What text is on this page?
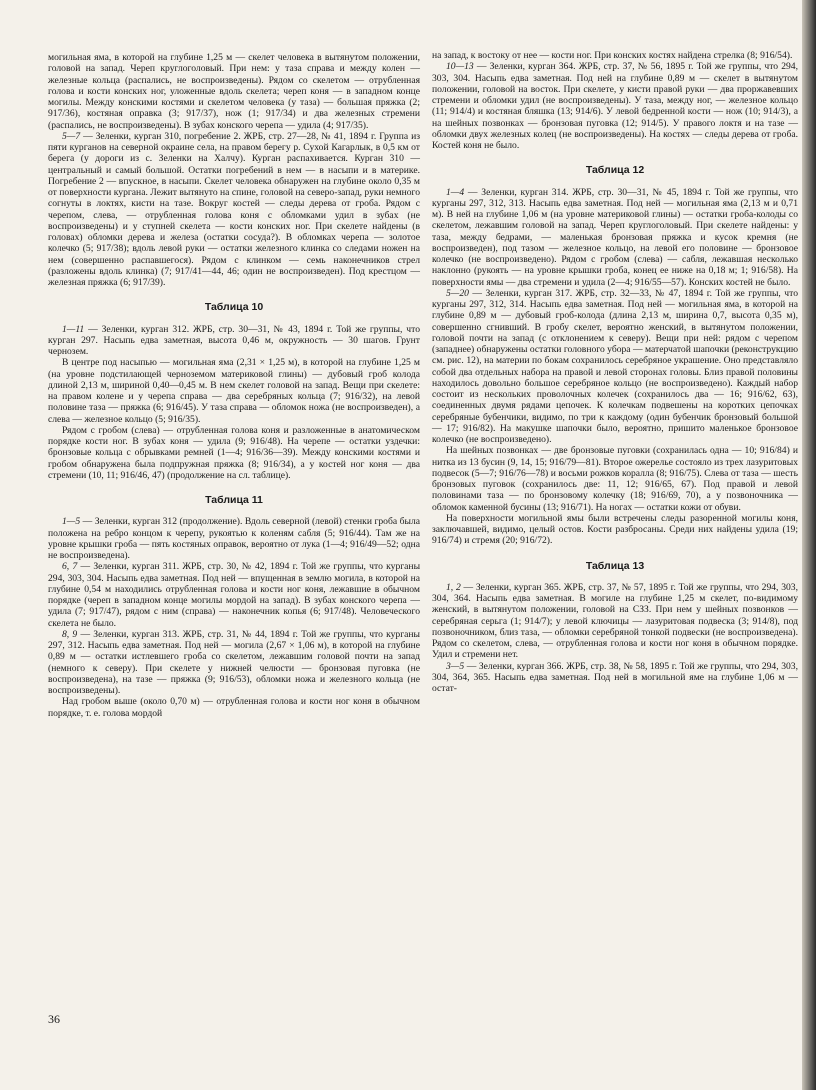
могильная яма, в которой на глубине 1,25 м — скелет человека в вытянутом положении, головой на запад. Череп круглоголовый. При нем: у таза справа и между колен — железные кольца (распались, не воспроизведены). Рядом со скелетом — отрубленная голова и кости конских ног, уложенные вдоль скелета; череп коня — в западном конце могилы. Между конскими костями и скелетом человека (у таза) — большая пряжка (2; 917/36), костяная оправка (3; 917/37), нож (1; 917/34) и два железных стремени (распались, не воспроизведены). В зубах конского черепа — удила (4; 917/35).

5—7 — Зеленки, курган 310, погребение 2. ЖРБ, стр. 27—28, № 41, 1894 г. Группа из пяти курганов на северной окраине села, на правом берегу р. Сухой Кагарлык, в 0,5 км от берега (у дороги из с. Зеленки на Халчу). Курган распахивается. Курган 310 — центральный и самый большой. Остатки погребений в нем — в насыпи и в материке. Погребение 2 — впускное, в насыпи. Скелет человека обнаружен на глубине около 0,35 м от поверхности кургана. Лежит вытянуто на спине, головой на северо-запад, руки немного согнуты в локтях, кисти на тазе. Вокруг костей — следы дерева от гроба. Рядом с черепом, слева, — отрубленная голова коня с обломками удил в зубах (не воспроизведены) и у ступней скелета — кости конских ног. При скелете найдены (в головах) обломки дерева и железа (остатки сосуда?). В обломках черепа — золотое колечко (5; 917/38); вдоль левой руки — остатки железного клинка со следами ножен на нем (совершенно распавшегося). Рядом с клинком — семь наконечников стрел (разложены вдоль клинка) (7; 917/41—44, 46; один не воспроизведен). Под крестцом — железная пряжка (6; 917/39).

Таблица 10

1—11 — Зеленки, курган 312. ЖРБ, стр. 30—31, № 43, 1894 г. Той же группы, что курган 297. Насыпь едва заметная, высота 0,46 м, окружность — 30 шагов. Грунт чернозем.

В центре под насыпью — могильная яма (2,31 × 1,25 м), в которой на глубине 1,25 м (на уровне подстилающей черноземом материковой глины) — дубовый гроб колода длиной 2,13 м, шириной 0,40—0,45 м. В нем скелет головой на запад. Вещи при скелете: на правом колене и у черепа справа — два серебряных кольца (7; 916/32), на левой половине таза — пряжка (6; 916/45). У таза справа — обломок ножа (не воспроизведен), а слева — железное кольцо (5; 916/35).

Рядом с гробом (слева) — отрубленная голова коня и разложенные в анатомическом порядке кости ног. В зубах коня — удила (9; 916/48). На черепе — остатки уздечки: бронзовые кольца с обрывками ремней (1—4; 916/36—39). Между конскими костями и гробом обнаружена была подпружная пряжка (8; 916/34), а у костей ног коня — два стремени (10, 11; 916/46, 47) (продолжение на сл. таблице).

Таблица 11

1—5 — Зеленки, курган 312 (продолжение). Вдоль северной (левой) стенки гроба была положена на ребро концом к черепу, рукоятью к коленям сабля (5; 916/44). Там же на уровне крышки гроба — пять костяных оправок, вероятно от лука (1—4; 916/49—52; одна не воспроизведена).

6, 7 — Зеленки, курган 311. ЖРБ, стр. 30, № 42, 1894 г. Той же группы, что курганы 294, 303, 304. Насыпь едва заметная. Под ней — впущенная в землю могила, в которой на глубине 0,54 м находились отрубленная голова и кости ног коня, лежавшие в обычном порядке (череп в западном конце могилы мордой на запад). В зубах конского черепа — удила (7; 917/47), рядом с ним (справа) — наконечник копья (6; 917/48). Человеческого скелета не было.

8, 9 — Зеленки, курган 313. ЖРБ, стр. 31, № 44, 1894 г. Той же группы, что курганы 297, 312. Насыпь едва заметная. Под ней — могила (2,67 × 1,06 м), в которой на глубине 0,89 м — остатки истлевшего гроба со скелетом, лежавшим головой почти на запад (немного к северу). При скелете у нижней челюсти — бронзовая пуговка (не воспроизведена), на тазе — пряжка (9; 916/53), обломки ножа и железного кольца (не воспроизведены).

Над гробом выше (около 0,70 м) — отрубленная голова и кости ног коня в обычном порядке, т. е. голова мордой

на запад, к востоку от нее — кости ног. При конских костях найдена стрелка (8; 916/54).

10—13 — Зеленки, курган 364. ЖРБ, стр. 37, № 56, 1895 г. Той же группы, что 294, 303, 304. Насыпь едва заметная. Под ней на глубине 0,89 м — скелет в вытянутом положении, головой на восток. При скелете, у кисти правой руки — два проржавевших стремени и обломки удил (не воспроизведены). У таза, между ног, — железное кольцо (11; 914/4) и костяная бляшка (13; 914/6). У левой бедренной кости — нож (10; 914/3), а на шейных позвонках — бронзовая пуговка (12; 914/5). У правого локтя и на тазе — обломки двух железных колец (не воспроизведены). На костях — следы дерева от гроба. Костей коня не было.

Таблица 12

1—4 — Зеленки, курган 314. ЖРБ, стр. 30—31, № 45, 1894 г. Той же группы, что курганы 297, 312, 313. Насыпь едва заметная. Под ней — могильная яма (2,13 м и 0,71 м). В ней на глубине 1,06 м (на уровне материковой глины) — остатки гроба-колоды со скелетом, лежавшим головой на запад. Череп круглоголовый. При скелете найдены: у таза, между бедрами, — маленькая бронзовая пряжка и кусок кремня (не воспроизведен), под тазом — железное кольцо, на левой его половине — бронзовое колечко (не воспроизведено). Рядом с гробом (слева) — сабля, лежавшая несколько наклонно (рукоять — на уровне крышки гроба, конец ее ниже на 0,18 м; 1; 916/58). На поверхности ямы — два стремени и удила (2—4; 916/55—57). Конских костей не было.

5—20 — Зеленки, курган 317. ЖРБ, стр. 32—33, № 47, 1894 г. Той же группы, что курганы 297, 312, 314. Насыпь едва заметная. Под ней — могильная яма, в которой на глубине 0,89 м — дубовый гроб-колода (длина 2,13 м, ширина 0,7, высота 0,35 м), совершенно сгнивший. В гробу скелет, вероятно женский, в вытянутом положении, головой почти на запад (с отклонением к северу). Вещи при ней: рядом с черепом (западнее) обнаружены остатки головного убора — матерчатой шапочки (реконструкцию см. рис. 12), на материи по бокам сохранилось серебряное украшение. Оно представляло собой два отдельных набора на правой и левой сторонах головы. Близ правой половины находилось довольно большое серебряное кольцо (не воспроизведено). Каждый набор состоит из нескольких проволочных колечек (сохранилось два — 16; 916/62, 63), соединенных двумя рядами цепочек. К колечкам подвешены на коротких цепочках серебряные бубенчики, видимо, по три к каждому (один бубенчик бронзовый большой — 17; 916/82). На макушке шапочки было, вероятно, пришито маленькое бронзовое колечко (не воспроизведено).

На шейных позвонках — две бронзовые пуговки (сохранилась одна — 10; 916/84) и нитка из 13 бусин (9, 14, 15; 916/79—81). Второе ожерелье состояло из трех лазуритовых подвесок (5—7; 916/76—78) и восьми рожков коралла (8; 916/75). Слева от таза — шесть бронзовых пуговок (сохранилось две: 11, 12; 916/65, 67). Под правой и левой половинами таза — по бронзовому колечку (18; 916/69, 70), а у позвоночника — обломок каменной бусины (13; 916/71). На ногах — остатки кожи от обуви.

На поверхности могильной ямы были встречены следы разоренной могилы коня, заключавшей, видимо, целый остов. Кости разбросаны. Среди них найдены удила (19; 916/74) и стремя (20; 916/72).

Таблица 13

1, 2 — Зеленки, курган 365. ЖРБ, стр. 37, № 57, 1895 г. Той же группы, что 294, 303, 304, 364. Насыпь едва заметная. В могиле на глубине 1,25 м скелет, по-видимому женский, в вытянутом положении, головой на СЗЗ. При нем у шейных позвонков — серебряная серьга (1; 914/7); у левой ключицы — лазуритовая подвеска (3; 914/8), под позвоночником, близ таза, — обломки серебряной тонкой подвески (не воспроизведена). Рядом со скелетом, слева, — отрубленная голова и кости ног коня в обычном порядке. Удил и стремени нет.

3—5 — Зеленки, курган 366. ЖРБ, стр. 38, № 58, 1895 г. Той же группы, что 294, 303, 304, 364, 365. Насыпь едва заметная. Под ней в могильной яме на глубине 1,06 м — остат-

36
